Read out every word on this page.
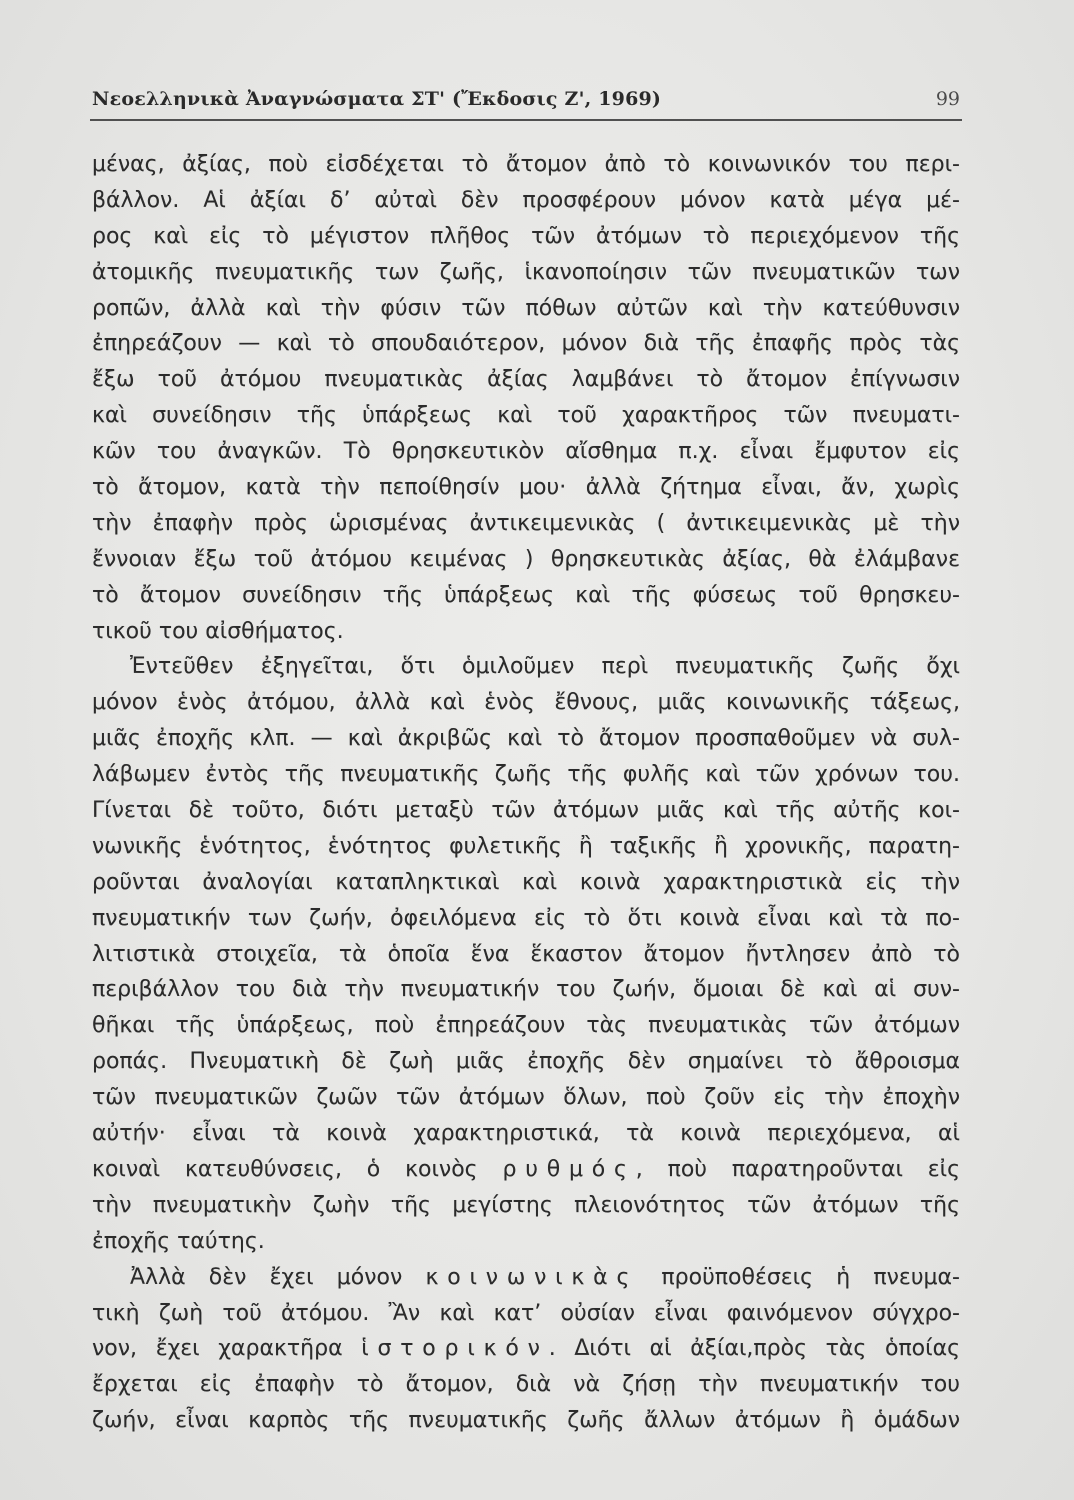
Νεοελληνικὰ Ἀναγνώσματα ΣΤ' (Ἔκδοσις Ζ', 1969)	99
μένας, ἀξίας, ποὺ εἰσδέχεται τὸ ἄτομον ἀπὸ τὸ κοινωνικόν του περι-
βάλλον. Αἱ ἀξίαι δ’ αὐταὶ δὲν προσφέρουν μόνον κατὰ μέγα μέ-
ρος καὶ εἰς τὸ μέγιστον πλῆθος τῶν ἀτόμων τὸ περιεχόμενον τῆς
ἀτομικῆς πνευματικῆς των ζωῆς, ἱκανοποίησιν τῶν πνευματικῶν των
ροπῶν, ἀλλὰ καὶ τὴν φύσιν τῶν πόθων αὐτῶν καὶ τὴν κατεύθυνσιν
ἐπηρεάζουν — καὶ τὸ σπουδαιότερον, μόνον διὰ τῆς ἐπαφῆς πρὸς τὰς
ἔξω τοῦ ἀτόμου πνευματικὰς ἀξίας λαμβάνει τὸ ἄτομον ἐπίγνωσιν
καὶ συνείδησιν τῆς ὑπάρξεως καὶ τοῦ χαρακτῆρος τῶν πνευματι-
κῶν του ἀναγκῶν. Τὸ θρησκευτικὸν αἴσθημα π.χ. εἶναι ἔμφυτον εἰς
τὸ ἄτομον, κατὰ τὴν πεποίθησίν μου· ἀλλὰ ζήτημα εἶναι, ἄν, χωρὶς
τὴν ἐπαφὴν πρὸς ὡρισμένας ἀντικειμενικὰς ( ἀντικειμενικὰς μὲ τὴν
ἔννοιαν ἔξω τοῦ ἀτόμου κειμένας ) θρησκευτικὰς ἀξίας, θὰ ἐλάμβανε
τὸ ἄτομον συνείδησιν τῆς ὑπάρξεως καὶ τῆς φύσεως τοῦ θρησκευ-
τικοῦ του αἰσθήματος.
Ἐντεῦθεν ἐξηγεῖται, ὅτι ὁμιλοῦμεν περὶ πνευματικῆς ζωῆς ὄχι
μόνον ἑνὸς ἀτόμου, ἀλλὰ καὶ ἑνὸς ἔθνους, μιᾶς κοινωνικῆς τάξεως,
μιᾶς ἐποχῆς κλπ. — καὶ ἀκριβῶς καὶ τὸ ἄτομον προσπαθοῦμεν νὰ συλ-
λάβωμεν ἐντὸς τῆς πνευματικῆς ζωῆς τῆς φυλῆς καὶ τῶν χρόνων του.
Γίνεται δὲ τοῦτο, διότι μεταξὺ τῶν ἀτόμων μιᾶς καὶ τῆς αὐτῆς κοι-
νωνικῆς ἑνότητος, ἑνότητος φυλετικῆς ἢ ταξικῆς ἢ χρονικῆς, παρατη-
ροῦνται ἀναλογίαι καταπληκτικαὶ καὶ κοινὰ χαρακτηριστικὰ εἰς τὴν
πνευματικήν των ζωήν, ὀφειλόμενα εἰς τὸ ὅτι κοινὰ εἶναι καὶ τὰ πο-
λιτιστικὰ στοιχεῖα, τὰ ὁποῖα ἕνα ἕκαστον ἄτομον ἤντλησεν ἀπὸ τὸ
περιβάλλον του διὰ τὴν πνευματικήν του ζωήν, ὅμοιαι δὲ καὶ αἱ συν-
θῆκαι τῆς ὑπάρξεως, ποὺ ἐπηρεάζουν τὰς πνευματικὰς τῶν ἀτόμων
ροπάς. Πνευματικὴ δὲ ζωὴ μιᾶς ἐποχῆς δὲν σημαίνει τὸ ἄθροισμα
τῶν πνευματικῶν ζωῶν τῶν ἀτόμων ὅλων, ποὺ ζοῦν εἰς τὴν ἐποχὴν
αὐτήν· εἶναι τὰ κοινὰ χαρακτηριστικά, τὰ κοινὰ περιεχόμενα, αἱ
κοιναὶ κατευθύνσεις, ὁ κοινὸς ρυθμός, ποὺ παρατηροῦνται εἰς
τὴν πνευματικὴν ζωὴν τῆς μεγίστης πλειονότητος τῶν ἀτόμων τῆς
ἐποχῆς ταύτης.
Ἀλλὰ δὲν ἔχει μόνον κοινωνικὰς προϋποθέσεις ἡ πνευμα-
τικὴ ζωὴ τοῦ ἀτόμου. Ἂν καὶ κατ’ οὐσίαν εἶναι φαινόμενον σύγχρο-
νον, ἔχει χαρακτῆρα ἱστορικόν. Διότι αἱ ἀξίαι,πρὸς τὰς ὁποίας
ἔρχεται εἰς ἐπαφὴν τὸ ἄτομον, διὰ νὰ ζήσῃ τὴν πνευματικήν του
ζωήν, εἶναι καρπὸς τῆς πνευματικῆς ζωῆς ἄλλων ἀτόμων ἢ ὁμάδων
